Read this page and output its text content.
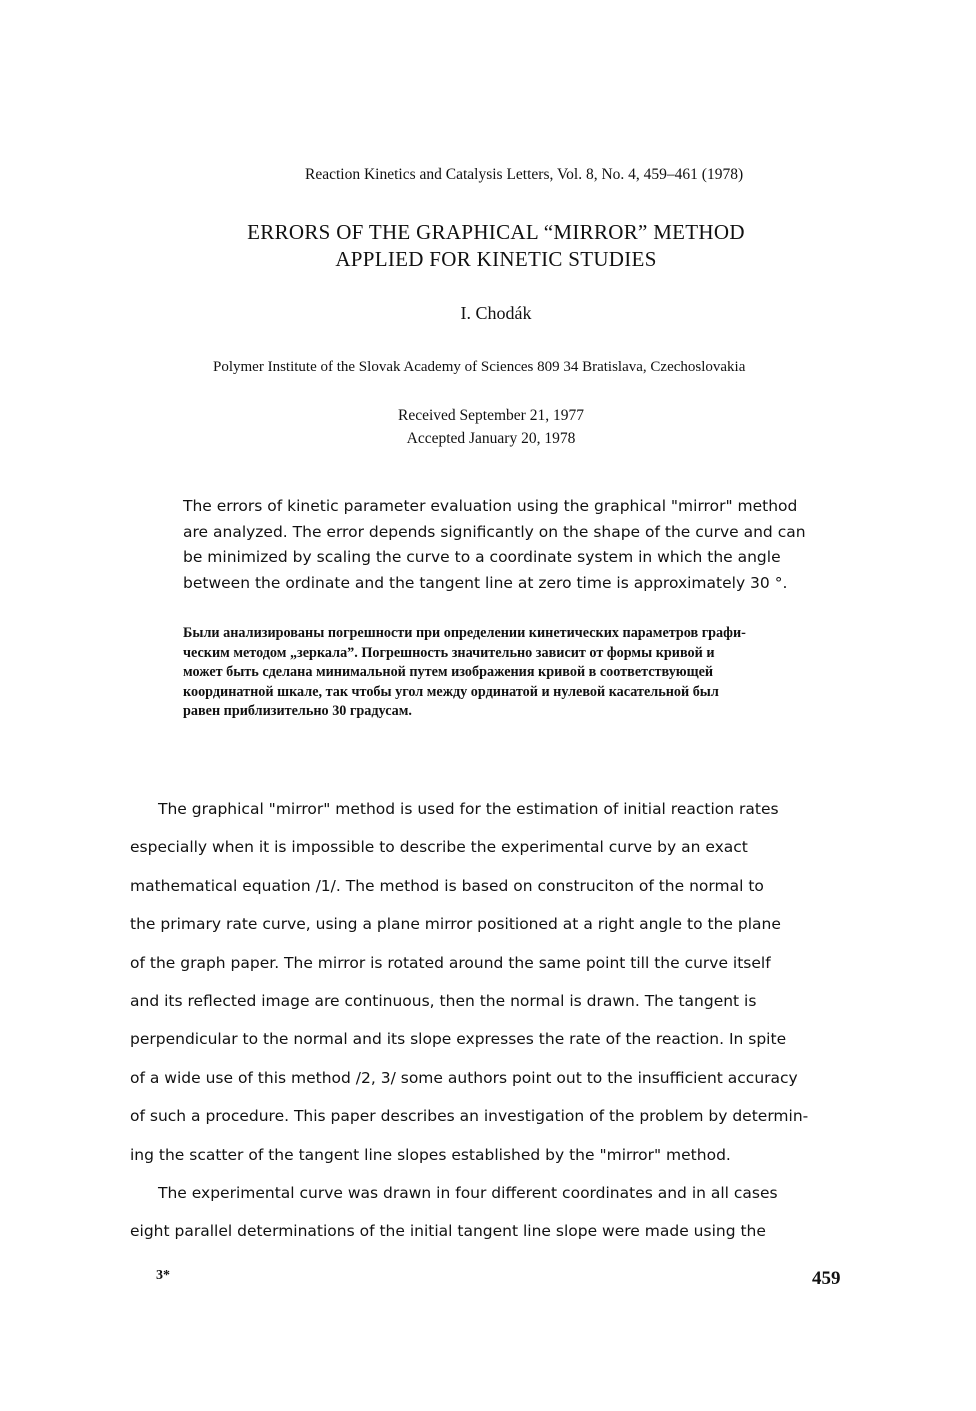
Reaction Kinetics and Catalysis Letters, Vol. 8, No. 4, 459–461 (1978)
ERRORS OF THE GRAPHICAL “MIRROR” METHOD
APPLIED FOR KINETIC STUDIES
I. Chodák
Polymer Institute of the Slovak Academy of Sciences 809 34 Bratislava, Czechoslovakia
Received September 21, 1977
Accepted January 20, 1978
The errors of kinetic parameter evaluation using the graphical "mirror" method
are analyzed. The error depends significantly on the shape of the curve and can
be minimized by scaling the curve to a coordinate system in which the angle
between the ordinate and the tangent line at zero time is approximately 30 °.
Были анализированы погрешности при определении кинетических параметров графи-
ческим методом „зеркала”. Погрешность значительно зависит от формы кривой и
может быть сделана минимальной путем изображения кривой в соответствующей
координатной шкале, так чтобы угол между ординатой и нулевой касательной был
равен приблизительно 30 градусам.
The graphical "mirror" method is used for the estimation of initial reaction rates
especially when it is impossible to describe the experimental curve by an exact
mathematical equation /1/. The method is based on construciton of the normal to
the primary rate curve, using a plane mirror positioned at a right angle to the plane
of the graph paper. The mirror is rotated around the same point till the curve itself
and its reflected image are continuous, then the normal is drawn. The tangent is
perpendicular to the normal and its slope expresses the rate of the reaction. In spite
of a wide use of this method /2, 3/ some authors point out to the insufficient accuracy
of such a procedure. This paper describes an investigation of the problem by determin-
ing the scatter of the tangent line slopes established by the "mirror" method.
The experimental curve was drawn in four different coordinates and in all cases
eight parallel determinations of the initial tangent line slope were made using the
3*	459
